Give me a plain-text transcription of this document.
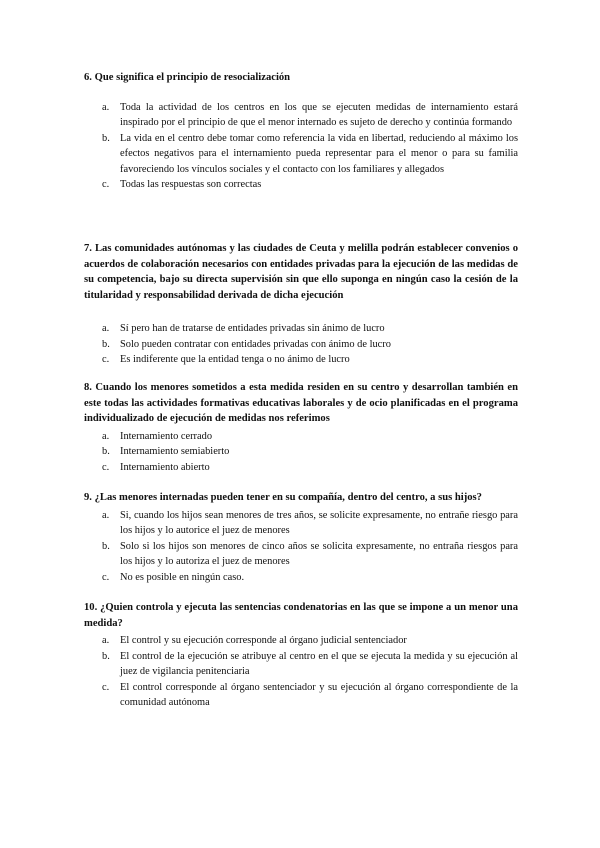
6. Que significa el principio de resocialización

a. Toda la actividad de los centros en los que se ejecuten medidas de internamiento estará inspirado por el principio de que el menor internado es sujeto de derecho y continúa formando
b. La vida en el centro debe tomar como referencia la vida en libertad, reduciendo al máximo los efectos negativos para el internamiento pueda representar para el menor o para su familia favoreciendo los vínculos sociales y el contacto con los familiares y allegados
c. Todas las respuestas son correctas

7. Las comunidades autónomas y las ciudades de Ceuta y melilla podrán establecer convenios o acuerdos de colaboración necesarios con entidades privadas para la ejecución de las medidas de su competencia, bajo su directa supervisión sin que ello suponga en ningún caso la cesión de la titularidad y responsabilidad derivada de dicha ejecución

a. Sí pero han de tratarse de entidades privadas sin ánimo de lucro
b. Solo pueden contratar con entidades privadas con ánimo de lucro
c. Es indiferente que la entidad tenga o no ánimo de lucro

8. Cuando los menores sometidos a esta medida residen en su centro y desarrollan también en este todas las actividades formativas educativas laborales y de ocio planificadas en el programa individualizado de ejecución de medidas nos referimos

a. Internamiento cerrado
b. Internamiento semiabierto
c. Internamiento abierto

9. ¿Las menores internadas pueden tener en su compañía, dentro del centro, a sus hijos?

a. Si, cuando los hijos sean menores de tres años, se solicite expresamente, no entrañe riesgo para los hijos y lo autorice el juez de menores
b. Solo si los hijos son menores de cinco años se solicita expresamente, no entraña riesgos para los hijos y lo autoriza el juez de menores
c. No es posible en ningún caso.

10. ¿Quien controla y ejecuta las sentencias condenatorias en las que se impone a un menor una medida?

a. El control y su ejecución corresponde al órgano judicial sentenciador
b. El control de la ejecución se atribuye al centro en el que se ejecuta la medida y su ejecución al juez de vigilancia penitenciaria
c. El control corresponde al órgano sentenciador y su ejecución al órgano correspondiente de la comunidad autónoma
